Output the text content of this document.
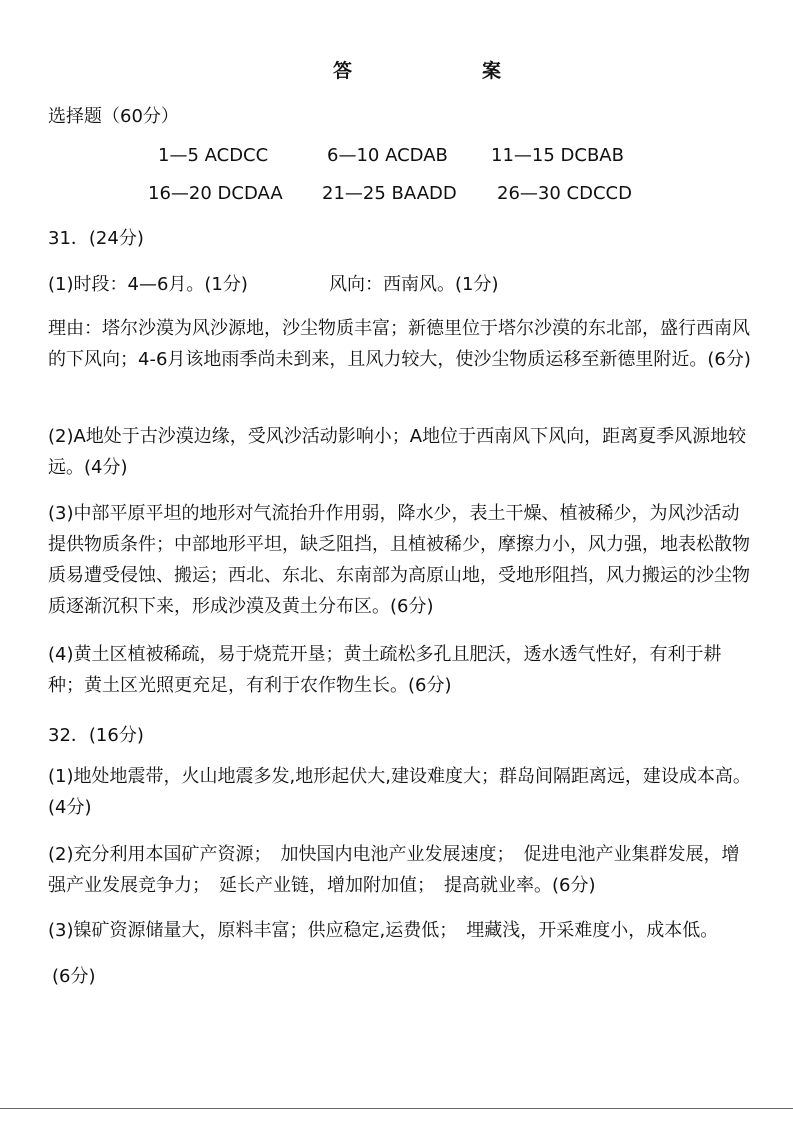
答	案
选择题（60分）
1—5 ACDCC	6—10 ACDAB 11—15 DCBAB
16—20 DCDAA 21—25 BAADD 26—30 CDCCD
31．(24分)
(1)时段：4—6月。(1分)	风向：西南风。(1分)
理由：塔尔沙漠为风沙源地，沙尘物质丰富；新德里位于塔尔沙漠的东北部，盛行西南风的下风向；4-6月该地雨季尚未到来，且风力较大，使沙尘物质运移至新德里附近。(6分)
(2)A地处于古沙漠边缘，受风沙活动影响小；A地位于西南风下风向，距离夏季风源地较远。(4分)
(3)中部平原平坦的地形对气流抬升作用弱，降水少，表土干燥、植被稀少，为风沙活动提供物质条件；中部地形平坦，缺乏阻挡，且植被稀少，摩擦力小，风力强，地表松散物质易遭受侵蚀、搬运；西北、东北、东南部为高原山地，受地形阻挡，风力搬运的沙尘物质逐渐沉积下来，形成沙漠及黄土分布区。(6分)
(4)黄土区植被稀疏，易于烧荒开垦；黄土疏松多孔且肥沃，透水透气性好，有利于耕种；黄土区光照更充足，有利于农作物生长。(6分)
32．(16分)
(1)地处地震带，火山地震多发,地形起伏大,建设难度大；群岛间隔距离远，建设成本高。(4分)
(2)充分利用本国矿产资源；　加快国内电池产业发展速度；　促进电池产业集群发展，增强产业发展竞争力；　延长产业链，增加附加值；　提高就业率。(6分)
(3)镍矿资源储量大，原料丰富；供应稳定,运费低；　埋藏浅，开采难度小，成本低。
(6分)
